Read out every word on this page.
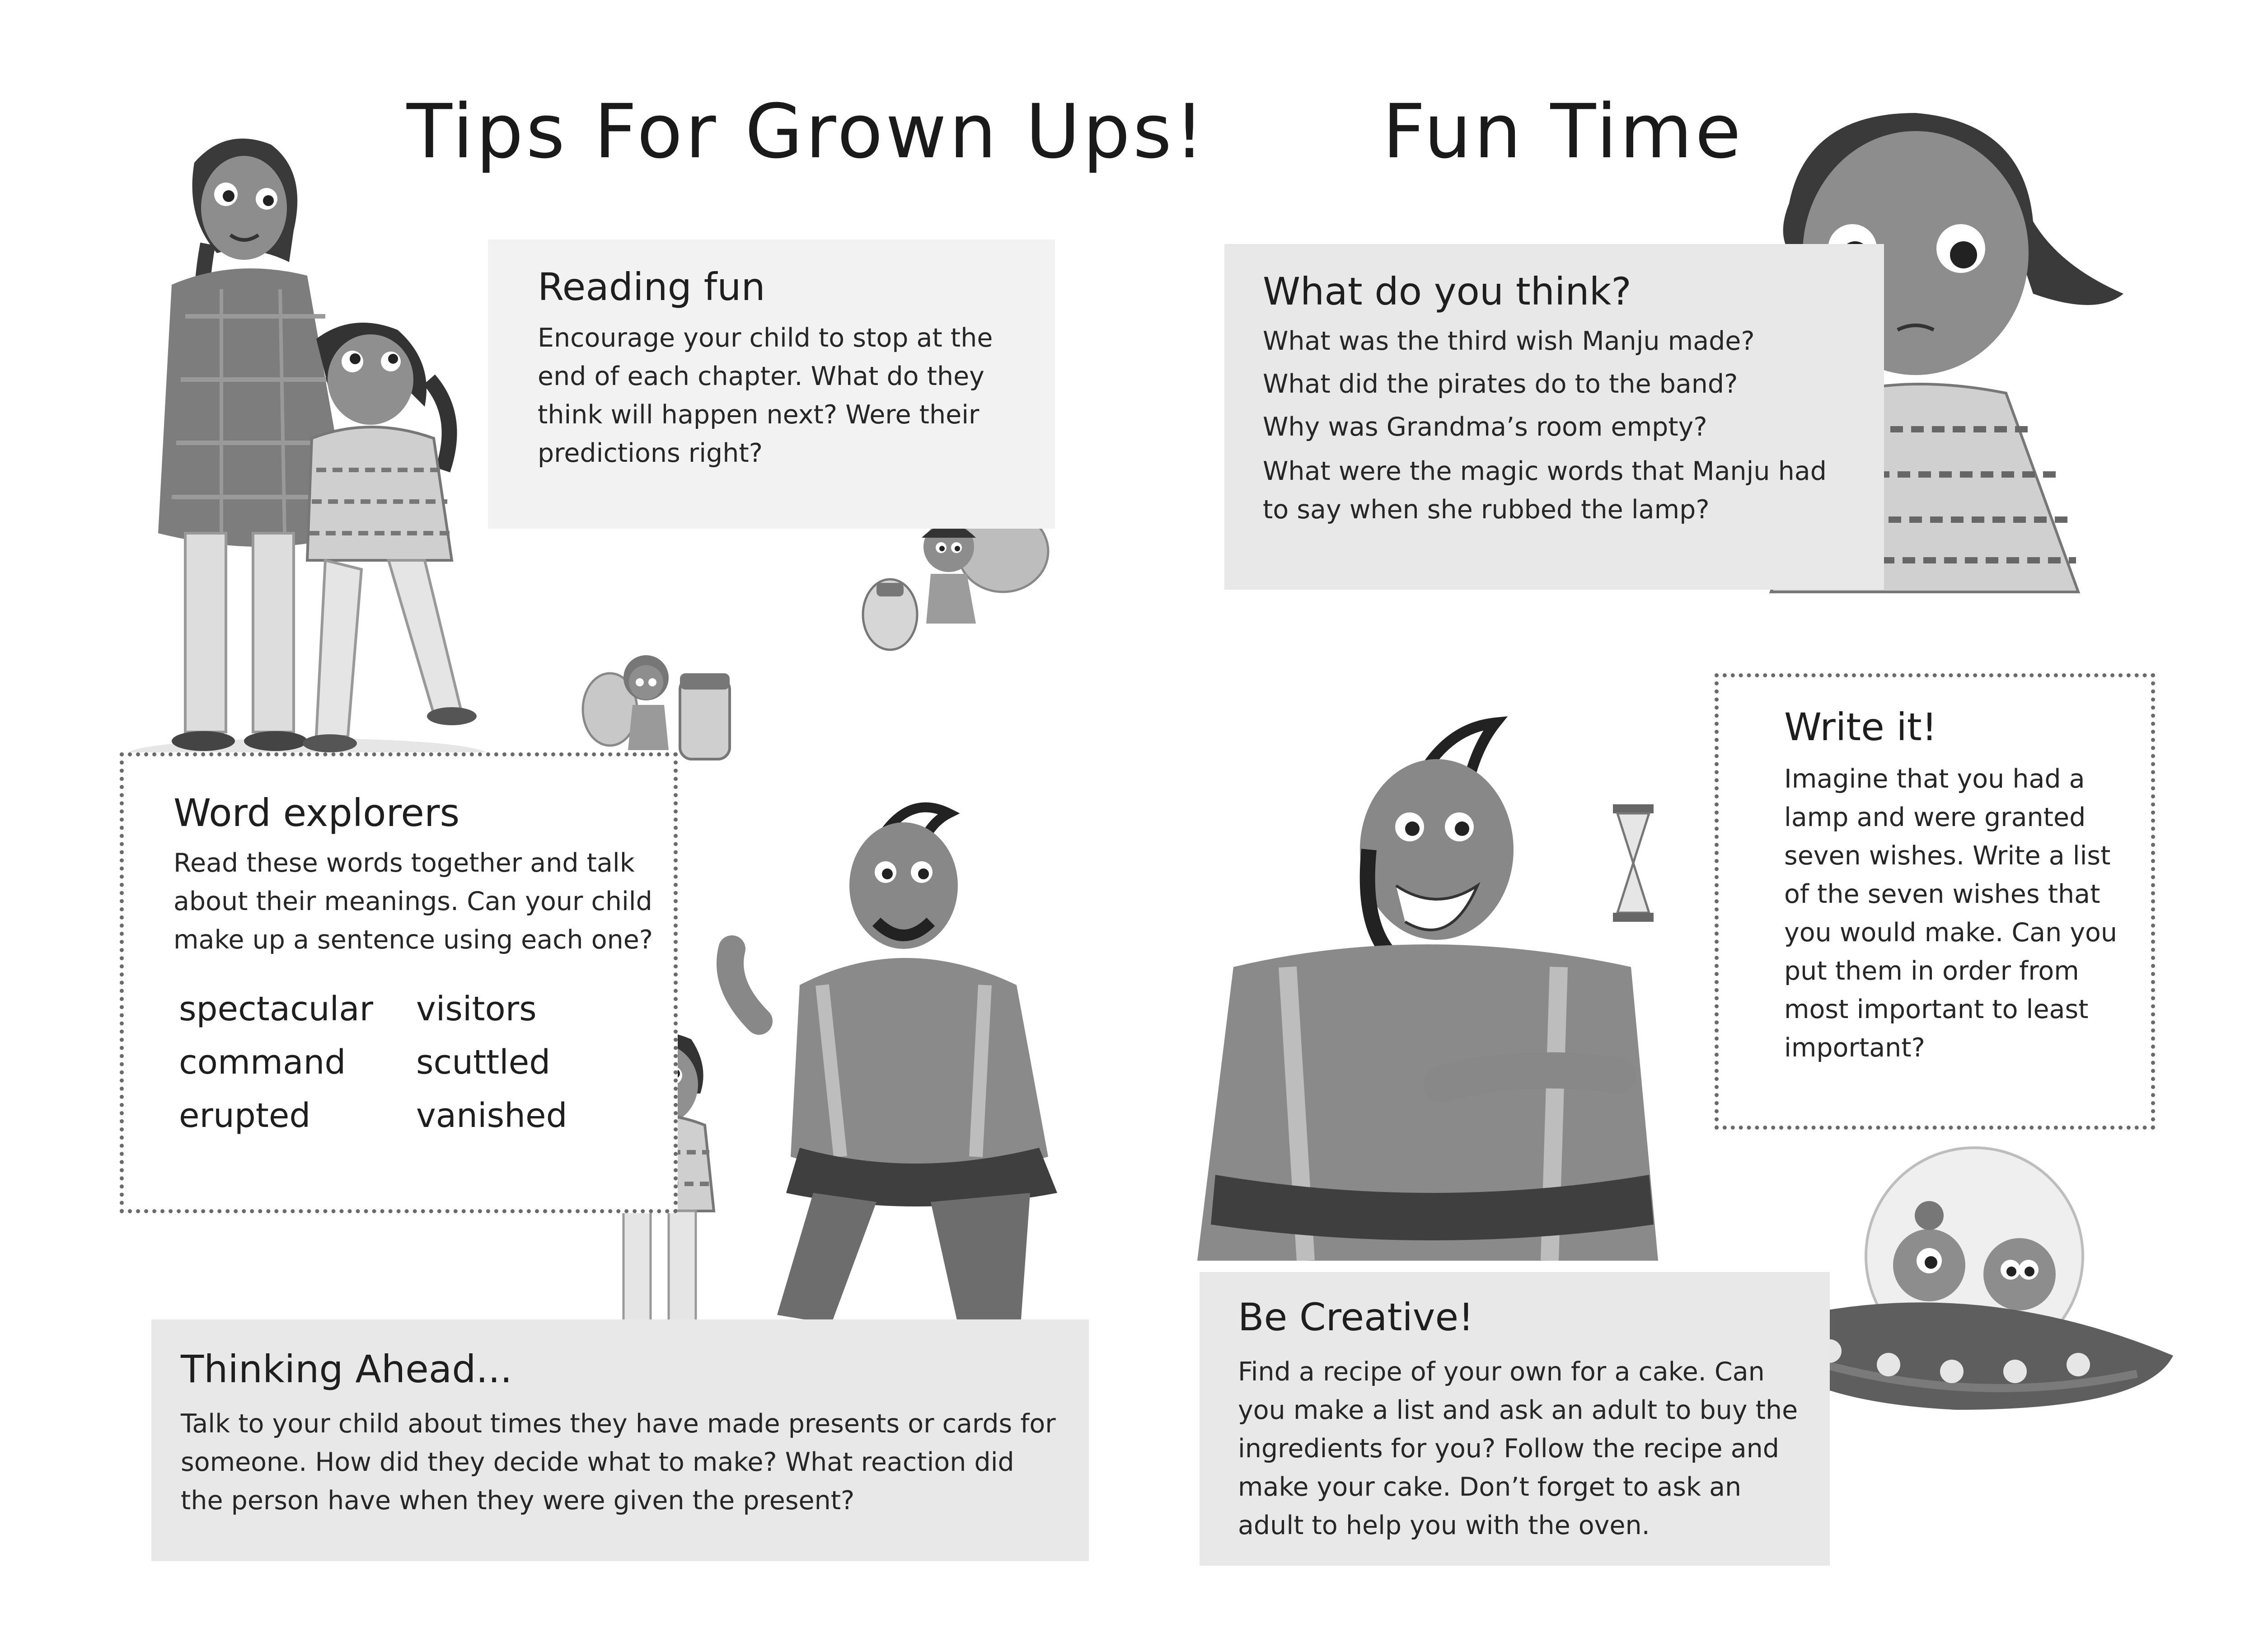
Tips For Grown Ups!
Reading fun

Encourage your child to stop at the end of each chapter. What do they think will happen next? Were their predictions right?

Word explorers

Read these words together and talk about their meanings. Can your child make up a sentence using each one?

spectacular	visitors
command	scuttled
erupted	vanished
Thinking Ahead...

Talk to your child about times they have made presents or cards for someone. How did they decide what to make? What reaction did the person have when they were given the present?

Fun Time
What do you think?
What was the third wish Manju made?
What did the pirates do to the band?
Why was Grandma’s room empty?
What were the magic words that Manju had to say when she rubbed the lamp?
Write it!

Imagine that you had a lamp and were granted seven wishes. Write a list of the seven wishes that you would make. Can you put them in order from most important to least important?

Be Creative!

Find a recipe of your own for a cake. Can you make a list and ask an adult to buy the ingredients for you? Follow the recipe and make your cake. Don’t forget to ask an adult to help you with the oven.
